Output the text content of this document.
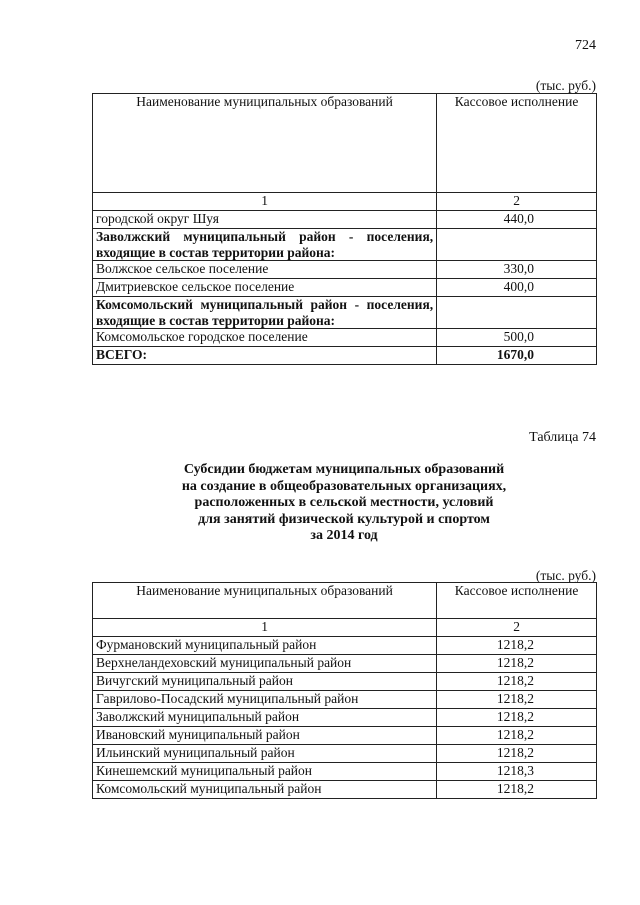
724
(тыс. руб.)
Наименование муниципальных образований	Кассовое исполнение
1	2
городской округ Шуя	440,0
Заволжский муниципальный район - поселения, входящие в состав территории района:	
Волжское сельское поселение	330,0
Дмитриевское сельское поселение	400,0
Комсомольский муниципальный район - поселения, входящие в состав территории района:	
Комсомольское городское поселение	500,0
ВСЕГО:	1670,0
Таблица 74
Субсидии бюджетам муниципальных образований
на создание в общеобразовательных организациях,
расположенных в сельской местности, условий
для занятий физической культурой и спортом
за 2014 год
(тыс. руб.)
Наименование муниципальных образований	Кассовое исполнение
1	2
Фурмановский муниципальный район	1218,2
Верхнеландеховский муниципальный район	1218,2
Вичугский муниципальный район	1218,2
Гаврилово-Посадский муниципальный район	1218,2
Заволжский муниципальный район	1218,2
Ивановский муниципальный район	1218,2
Ильинский муниципальный район	1218,2
Кинешемский муниципальный район	1218,3
Комсомольский муниципальный район	1218,2
